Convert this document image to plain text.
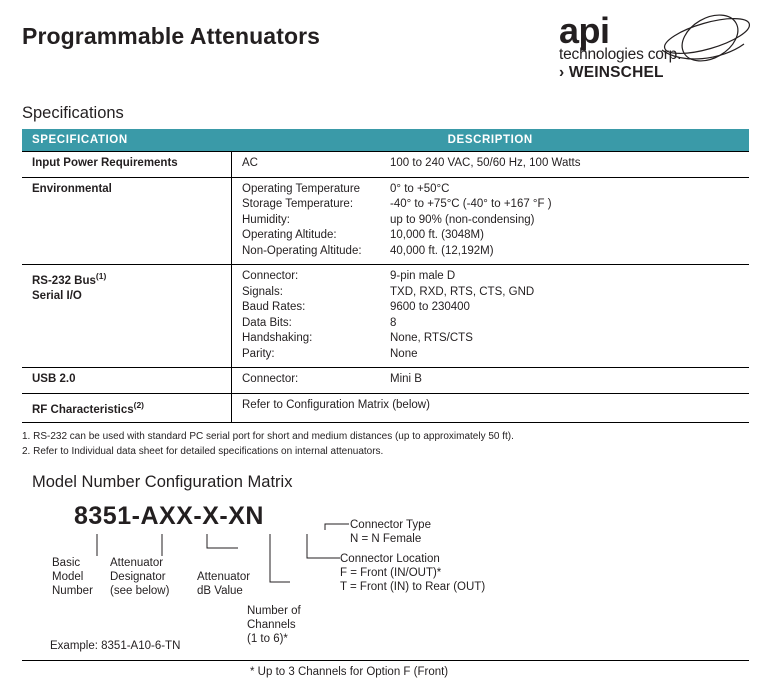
Programmable Attenuators	api
technologies corp.
› WEINSCHEL
Specifications
SPECIFICATION	DESCRIPTION
Input Power Requirements	AC 100 to 240 VAC, 50/60 Hz, 100 Watts

Environmental	Operating Temperature	0° to +50°C
Storage Temperature:	-40° to +75°C (-40° to +167 °F )
Humidity:	up to 90% (non-condensing)
Operating Altitude:	10,000 ft. (3048M)
Non-Operating Altitude:	40,000 ft. (12,192M)

RS-232 Bus$^{(1)}$
Serial I/O	
Connector:	9-pin male D
Signals:	TXD, RXD, RTS, CTS, GND
Baud Rates:	9600 to 230400
Data Bits:	8
Handshaking:	None, RTS/CTS
Parity:	None

USB 2.0	Connector: Mini B

RF Characteristics$^{(2)}$	Refer to Configuration Matrix (below)
1. RS-232 can be used with standard PC serial port for short and medium distances (up to approximately 50 ft).
2. Refer to Individual data sheet for detailed specifications on internal attenuators.
Model Number Configuration Matrix
8351-AXX-X-XN
Basic
Model
Number
Attenuator
Designator
(see below)
Attenuator
dB Value
Number of
Channels
(1 to 6)*
Connector Location
F = Front (IN/OUT)*
T = Front (IN) to Rear (OUT)
Connector Type
N = N Female
Example: 8351-A10-6-TN
* Up to 3 Channels for Option F (Front)
